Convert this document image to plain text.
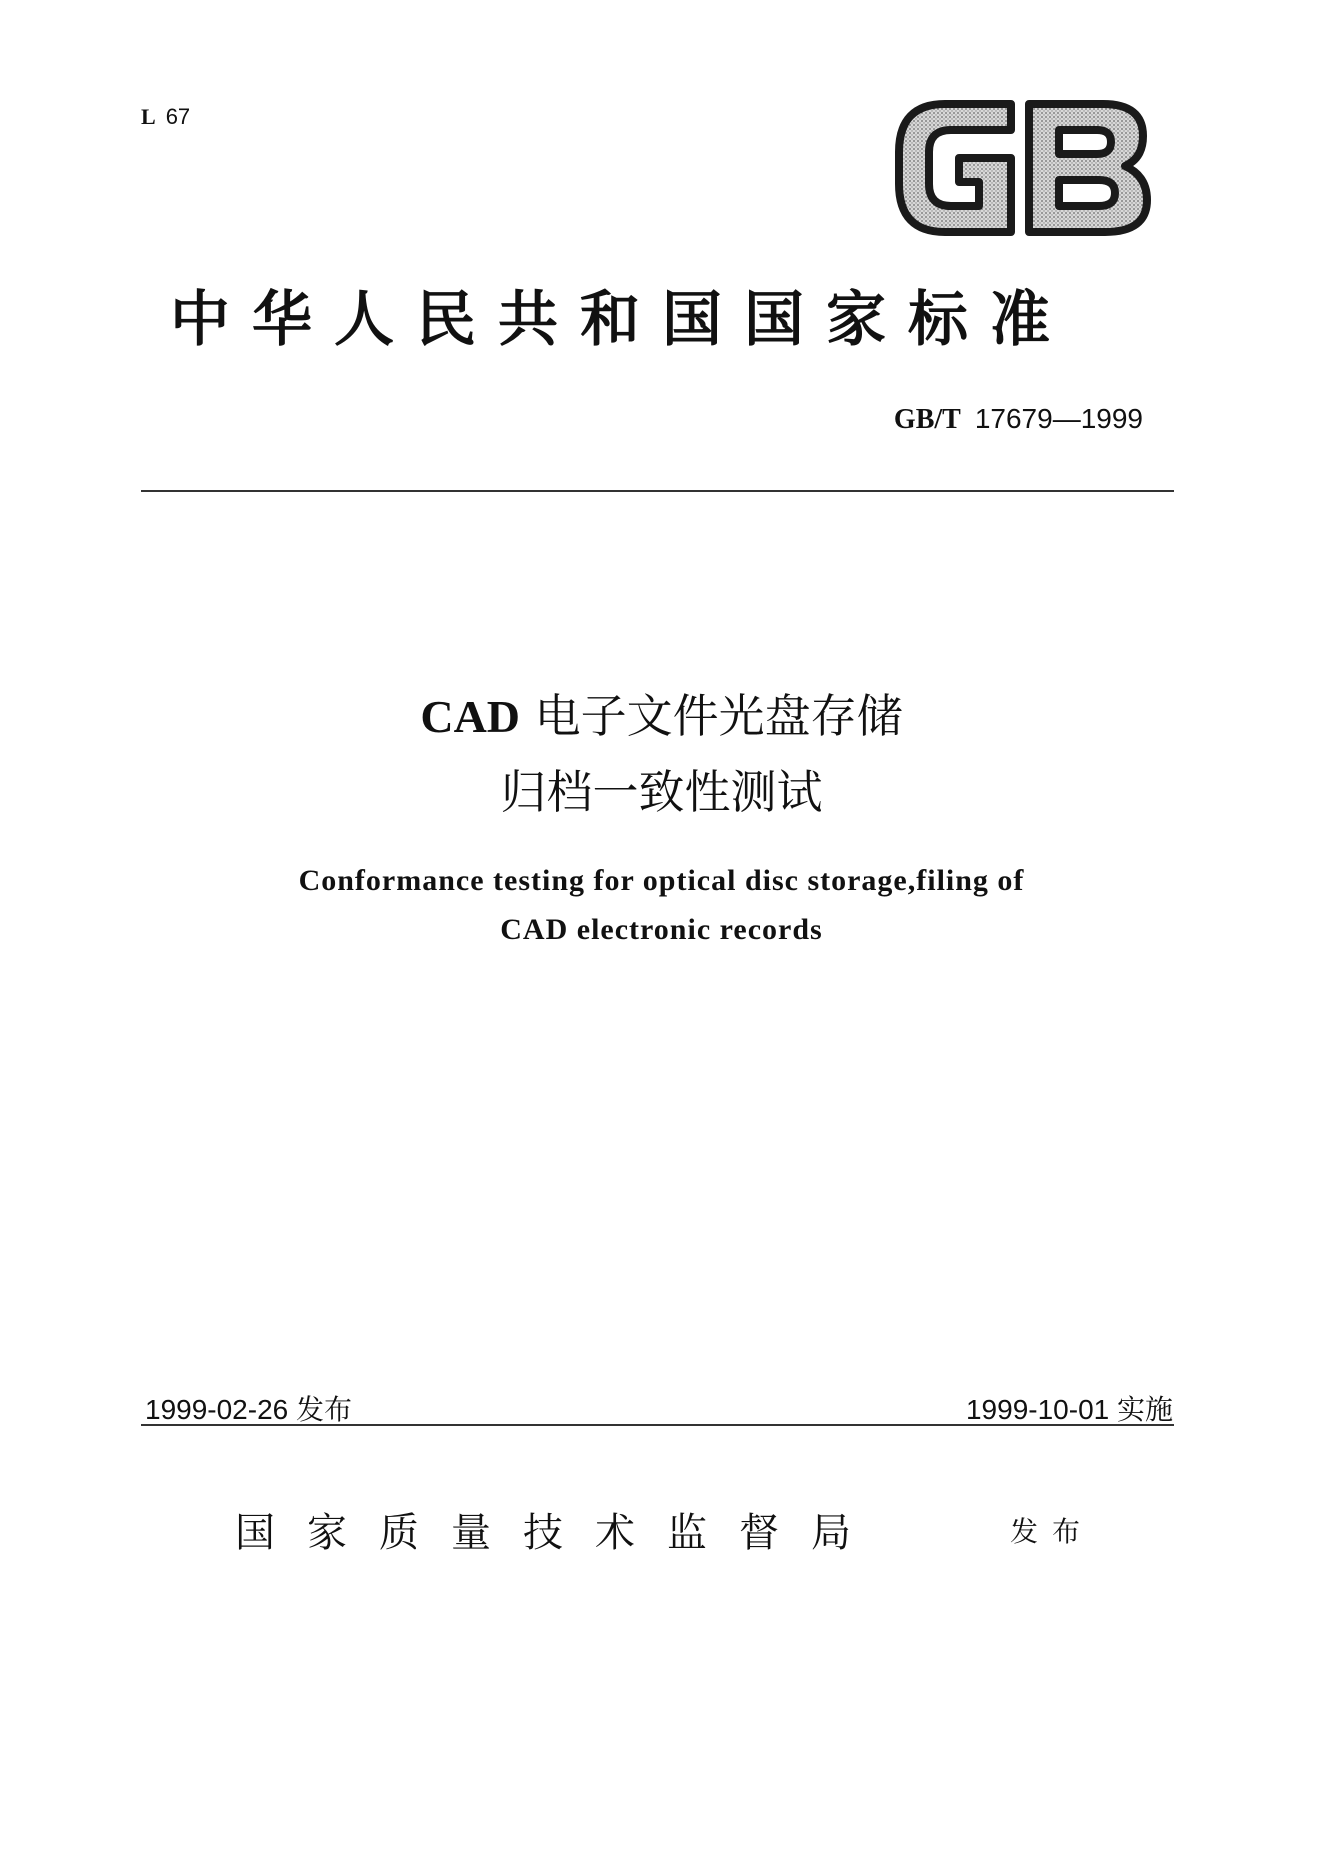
L 67
中华人民共和国国家标准
GB/T 17679—1999
CAD 电子文件光盘存储
归档一致性测试
Conformance testing for optical disc storage,filing of
CAD electronic records
1999-02-26 发布	1999-10-01 实施
国家质量技术监督局	发布
